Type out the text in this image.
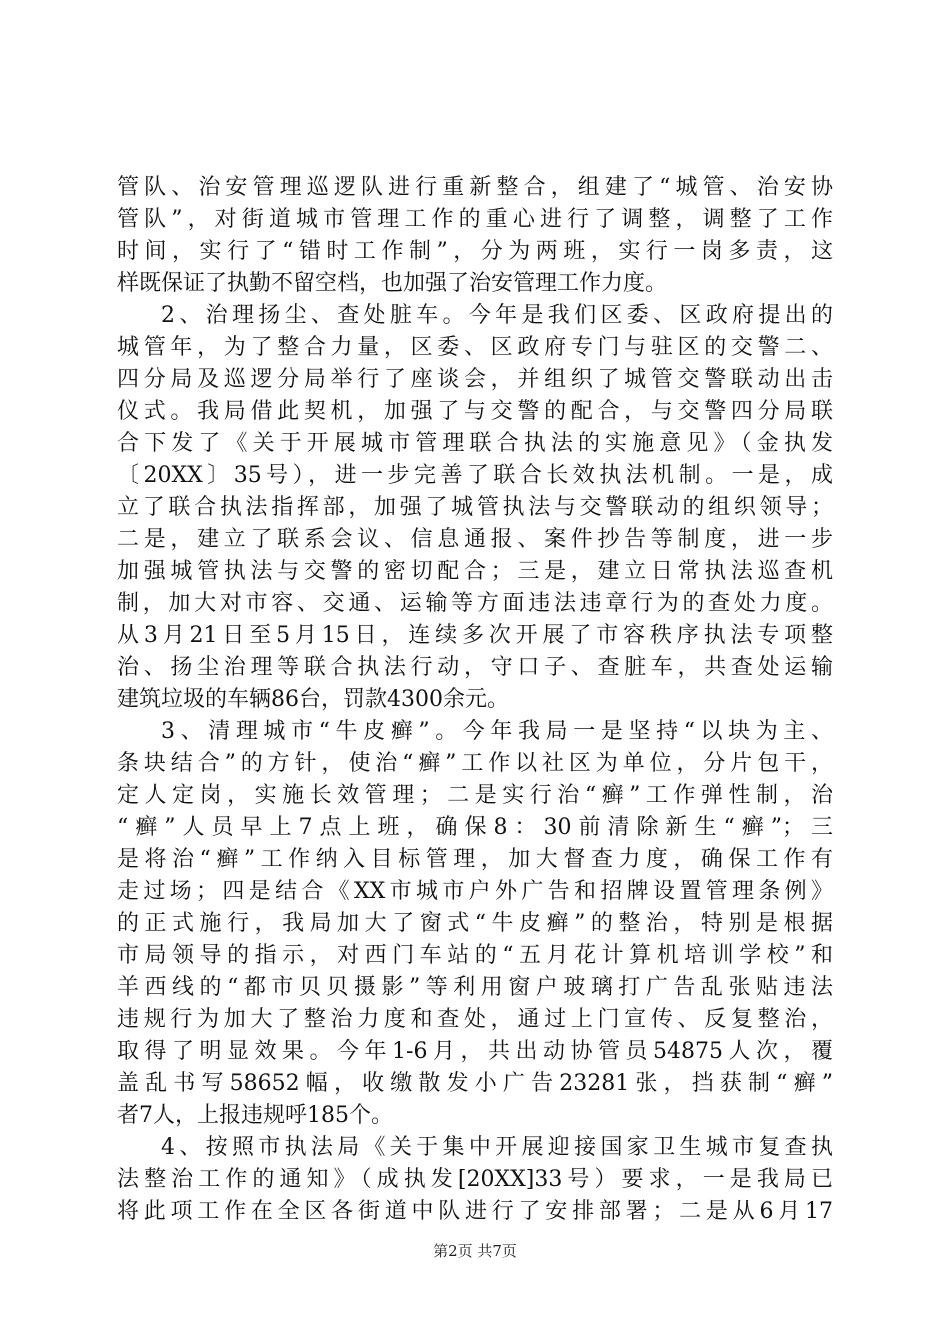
管队、治安管理巡逻队进行重新整合，组建了“城管、治安协
管队”，对街道城市管理工作的重心进行了调整，调整了工作
时间，实行了“错时工作制”，分为两班，实行一岗多责，这
样既保证了执勤不留空档，也加强了治安管理工作力度。
2、治理扬尘、查处脏车。今年是我们区委、区政府提出的
城管年，为了整合力量，区委、区政府专门与驻区的交警二、
四分局及巡逻分局举行了座谈会，并组织了城管交警联动出击
仪式。我局借此契机，加强了与交警的配合，与交警四分局联
合下发了《关于开展城市管理联合执法的实施意见》（金执发
〔20XX〕35号），进一步完善了联合长效执法机制。一是，成
立了联合执法指挥部，加强了城管执法与交警联动的组织领导；
二是，建立了联系会议、信息通报、案件抄告等制度，进一步
加强城管执法与交警的密切配合；三是，建立日常执法巡查机
制，加大对市容、交通、运输等方面违法违章行为的查处力度。
从3月21日至5月15日，连续多次开展了市容秩序执法专项整
治、扬尘治理等联合执法行动，守口子、查脏车，共查处运输
建筑垃圾的车辆86台，罚款4300余元。
3、清理城市“牛皮癣”。今年我局一是坚持“以块为主、
条块结合”的方针，使治“癣”工作以社区为单位，分片包干，
定人定岗，实施长效管理；二是实行治“癣”工作弹性制，治
“癣”人员早上7点上班，确保8：30前清除新生“癣”；三
是将治“癣”工作纳入目标管理，加大督查力度，确保工作有
走过场；四是结合《XX市城市户外广告和招牌设置管理条例》
的正式施行，我局加大了窗式“牛皮癣”的整治，特别是根据
市局领导的指示，对西门车站的“五月花计算机培训学校”和
羊西线的“都市贝贝摄影”等利用窗户玻璃打广告乱张贴违法
违规行为加大了整治力度和查处，通过上门宣传、反复整治，
取得了明显效果。今年1-6月，共出动协管员54875人次，覆
盖乱书写58652幅，收缴散发小广告23281张，挡获制“癣”
者7人，上报违规呼185个。
4、按照市执法局《关于集中开展迎接国家卫生城市复查执
法整治工作的通知》（成执发[20XX]33号）要求，一是我局已
将此项工作在全区各街道中队进行了安排部署；二是从6月17
第2页 共7页
